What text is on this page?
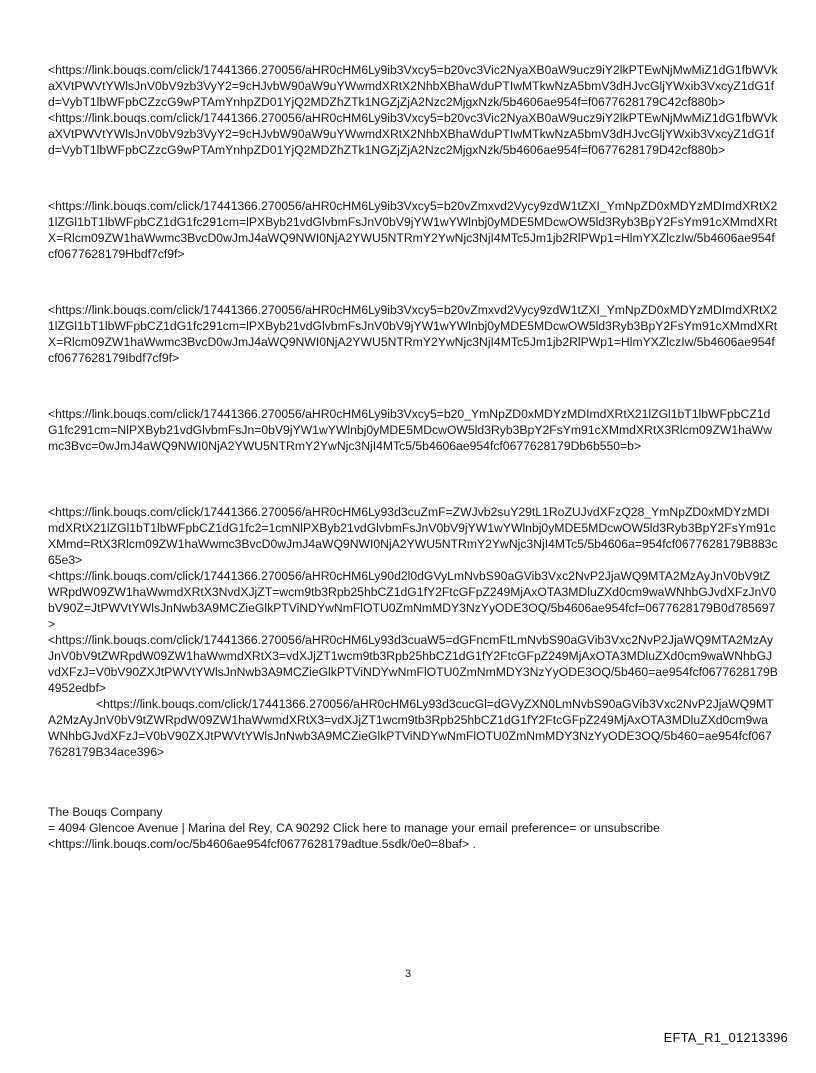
<https://link.bouqs.com/click/17441366.270056/aHR0cHM6Ly9ib3Vxcy5=b20vc3Vic2NyaXB0aW9ucz9iY2lkPTEwNjMwMiZ1dG1fbWVkaXVtPWVtYWlsJnV0bV9zb3VyY2=9cHJvbW90aW9uYWwmdXRtX2NhbXBhaWduPTIwMTkwNzA5bmV3dHJvcGljYWxib3VxcyZ1dG1fd=VybT1lbWFpbCZzcG9wPTAmYnhpZD01YjQ2MDZhZTk1NGZjZjA2Nzc2MjgxNzk/5b4606ae954f=f0677628179C42cf880b>

<https://link.bouqs.com/click/17441366.270056/aHR0cHM6Ly9ib3Vxcy5=b20vc3Vic2NyaXB0aW9ucz9iY2lkPTEwNjMwMiZ1dG1fbWVkaXVtPWVtYWlsJnV0bV9zb3VyY2=9cHJvbW90aW9uYWwmdXRtX2NhbXBhaWduPTIwMTkwNzA5bmV3dHJvcGljYWxib3VxcyZ1dG1fd=VybT1lbWFpbCZzcG9wPTAmYnhpZD01YjQ2MDZhZTk1NGZjZjA2Nzc2MjgxNzk/5b4606ae954f=f0677628179D42cf880b>

<https://link.bouqs.com/click/17441366.270056/aHR0cHM6Ly9ib3Vxcy5=b20vZmxvd2Vycy9zdW1tZXI_YmNpZD0xMDYzMDImdXRtX21lZGl1bT1lbWFpbCZ1dG1fc291cm=lPXByb21vdGlvbmFsJnV0bV9jYW1wYWlnbj0yMDE5MDcwOW5ld3Ryb3BpY2FsYm91cXMmdXRtX=Rlcm09ZW1haWwmc3BvcD0wJmJ4aWQ9NWI0NjA2YWU5NTRmY2YwNjc3NjI4MTc5Jm1jb2RlPWp1=HlmYXZlczIw/5b4606ae954fcf0677628179Hbdf7cf9f>

<https://link.bouqs.com/click/17441366.270056/aHR0cHM6Ly9ib3Vxcy5=b20vZmxvd2Vycy9zdW1tZXI_YmNpZD0xMDYzMDImdXRtX21lZGl1bT1lbWFpbCZ1dG1fc291cm=lPXByb21vdGlvbmFsJnV0bV9jYW1wYWlnbj0yMDE5MDcwOW5ld3Ryb3BpY2FsYm91cXMmdXRtX=Rlcm09ZW1haWwmc3BvcD0wJmJ4aWQ9NWI0NjA2YWU5NTRmY2YwNjc3NjI4MTc5Jm1jb2RlPWp1=HlmYXZlczIw/5b4606ae954fcf0677628179Ibdf7cf9f>

<https://link.bouqs.com/click/17441366.270056/aHR0cHM6Ly9ib3Vxcy5=b20_YmNpZD0xMDYzMDImdXRtX21lZGl1bT1lbWFpbCZ1dG1fc291cm=NlPXByb21vdGlvbmFsJn=0bV9jYW1wYWlnbj0yMDE5MDcwOW5ld3Ryb3BpY2FsYm91cXMmdXRtX3Rlcm09ZW1haWwmc3Bvc=0wJmJ4aWQ9NWI0NjA2YWU5NTRmY2YwNjc3NjI4MTc5/5b4606ae954fcf0677628179Db6b550=b>

<https://link.bouqs.com/click/17441366.270056/aHR0cHM6Ly93d3cuZmF=ZWJvb2suY29tL1RoZUJvdXFzQ28_YmNpZD0xMDYzMDImdXRtX21lZGl1bT1lbWFpbCZ1dG1fc2=1cmNlPXByb21vdGlvbmFsJnV0bV9jYW1wYWlnbj0yMDE5MDcwOW5ld3Ryb3BpY2FsYm91cXMmd=RtX3Rlcm09ZW1haWwmc3BvcD0wJmJ4aWQ9NWI0NjA2YWU5NTRmY2YwNjc3NjI4MTc5/5b4606a=954fcf0677628179B883c65e3>

<https://link.bouqs.com/click/17441366.270056/aHR0cHM6Ly90d2l0dGVyLmNvbS90aGVib3Vxc2NvP2JjaWQ9MTA2MzAyJnV0bV9tZWRpdW09ZW1haWwmdXRtX3NvdXJjZT=wcm9tb3Rpb25hbCZ1dG1fY2FtcGFpZ249MjAxOTA3MDluZXd0cm9waWNhbGJvdXFzJnV0bV90Z=JtPWVtYWlsJnNwb3A9MCZieGlkPTViNDYwNmFlOTU0ZmNmMDY3NzYyODE3OQ/5b4606ae954fcf=0677628179B0d785697>

<https://link.bouqs.com/click/17441366.270056/aHR0cHM6Ly93d3cuaW5=dGFncmFtLmNvbS90aGVib3Vxc2NvP2JjaWQ9MTA2MzAyJnV0bV9tZWRpdW09ZW1haWwmdXRtX3=vdXJjZT1wcm9tb3Rpb25hbCZ1dG1fY2FtcGFpZ249MjAxOTA3MDluZXd0cm9waWNhbGJvdXFzJ=V0bV90ZXJtPWVtYWlsJnNwb3A9MCZieGlkPTViNDYwNmFlOTU0ZmNmMDY3NzYyODE3OQ/5b460=ae954fcf0677628179B4952edbf>

<https://link.bouqs.com/click/17441366.270056/aHR0cHM6Ly93d3cucGl=dGVyZXN0LmNvbS90aGVib3Vxc2NvP2JjaWQ9MTA2MzAyJnV0bV9tZWRpdW09ZW1haWwmdXRtX3=vdXJjZT1wcm9tb3Rpb25hbCZ1dG1fY2FtcGFpZ249MjAxOTA3MDluZXd0cm9waWNhbGJvdXFzJ=V0bV90ZXJtPWVtYWlsJnNwb3A9MCZieGlkPTViNDYwNmFlOTU0ZmNmMDY3NzYyODE3OQ/5b460=ae954fcf0677628179B34ace396>

The Bouqs Company

= 4094 Glencoe Avenue | Marina del Rey, CA 90292 Click here to manage your email preference= or unsubscribe

<https://link.bouqs.com/oc/5b4606ae954fcf0677628179adtue.5sdk/0e0=8baf> .

3
EFTA_R1_01213396
